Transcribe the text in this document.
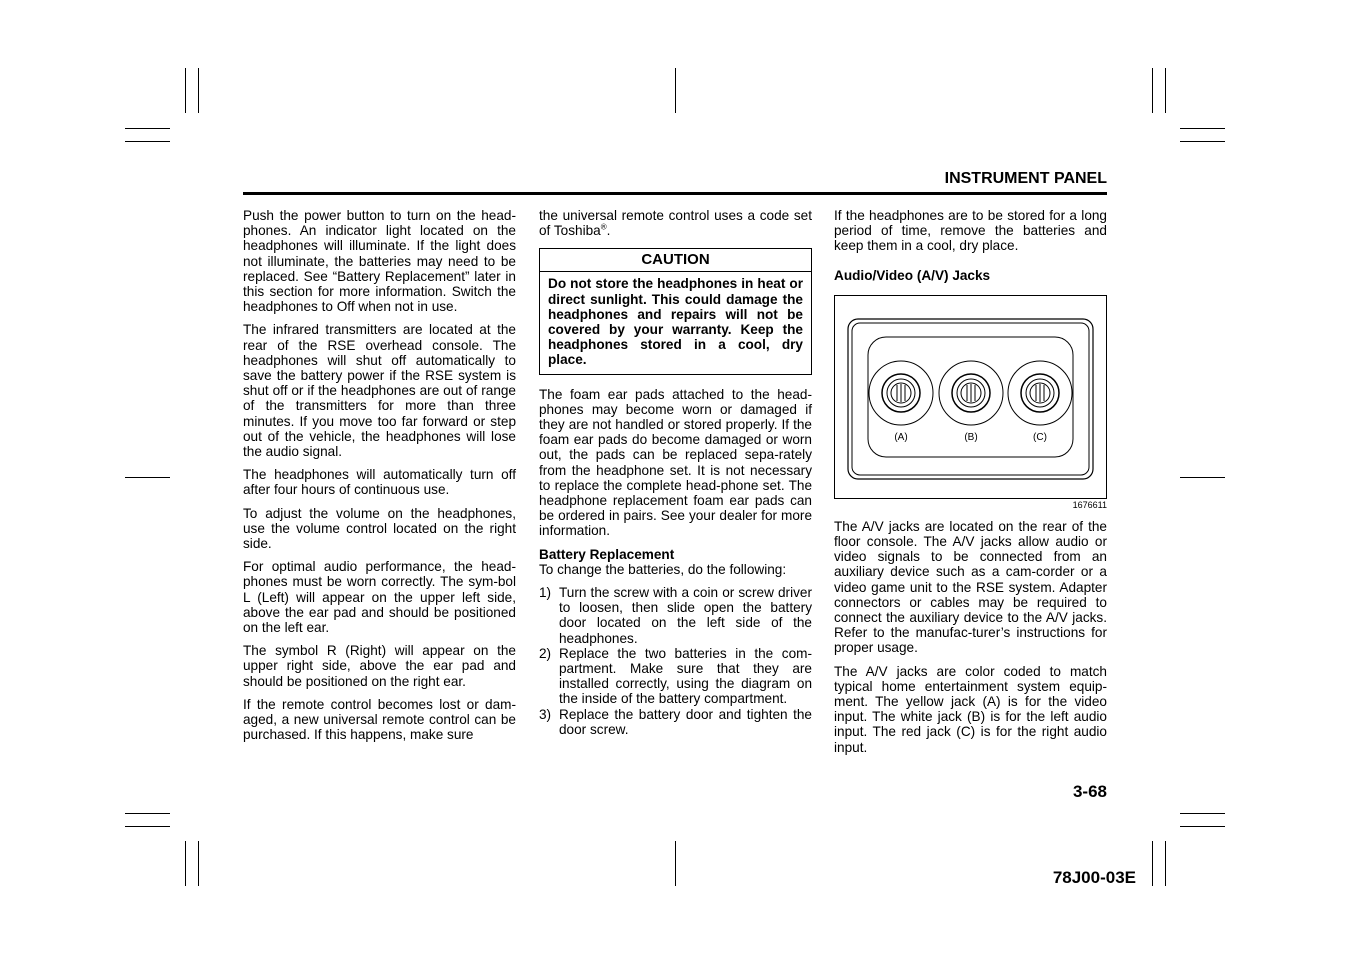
INSTRUMENT PANEL

Push the power button to turn on the head-phones. An indicator light located on the headphones will illuminate. If the light does not illuminate, the batteries may need to be replaced. See “Battery Replacement” later in this section for more information. Switch the headphones to Off when not in use.

The infrared transmitters are located at the rear of the RSE overhead console. The headphones will shut off automatically to save the battery power if the RSE system is shut off or if the headphones are out of range of the transmitters for more than three minutes. If you move too far forward or step out of the vehicle, the headphones will lose the audio signal.

The headphones will automatically turn off after four hours of continuous use.

To adjust the volume on the headphones, use the volume control located on the right side.

For optimal audio performance, the head-phones must be worn correctly. The sym-bol L (Left) will appear on the upper left side, above the ear pad and should be positioned on the left ear.

The symbol R (Right) will appear on the upper right side, above the ear pad and should be positioned on the right ear.

If the remote control becomes lost or dam-aged, a new universal remote control can be purchased. If this happens, make sure

the universal remote control uses a code set of Toshiba®.

CAUTION
Do not store the headphones in heat or direct sunlight. This could damage the headphones and repairs will not be covered by your warranty. Keep the headphones stored in a cool, dry place.

The foam ear pads attached to the head-phones may become worn or damaged if they are not handled or stored properly. If the foam ear pads do become damaged or worn out, the pads can be replaced sepa-rately from the headphone set. It is not necessary to replace the complete head-phone set. The headphone replacement foam ear pads can be ordered in pairs. See your dealer for more information.

Battery Replacement
To change the batteries, do the following:
1) Turn the screw with a coin or screw driver to loosen, then slide open the battery door located on the left side of the headphones.
2) Replace the two batteries in the com-partment. Make sure that they are installed correctly, using the diagram on the inside of the battery compartment.
3) Replace the battery door and tighten the door screw.

If the headphones are to be stored for a long period of time, remove the batteries and keep them in a cool, dry place.

Audio/Video (A/V) Jacks
(A)	(B)	(C)
1676611

The A/V jacks are located on the rear of the floor console. The A/V jacks allow audio or video signals to be connected from an auxiliary device such as a cam-corder or a video game unit to the RSE system. Adapter connectors or cables may be required to connect the auxiliary device to the A/V jacks. Refer to the manufac-turer’s instructions for proper usage.

The A/V jacks are color coded to match typical home entertainment system equip-ment. The yellow jack (A) is for the video input. The white jack (B) is for the left audio input. The red jack (C) is for the right audio input.

3-68
78J00-03E
